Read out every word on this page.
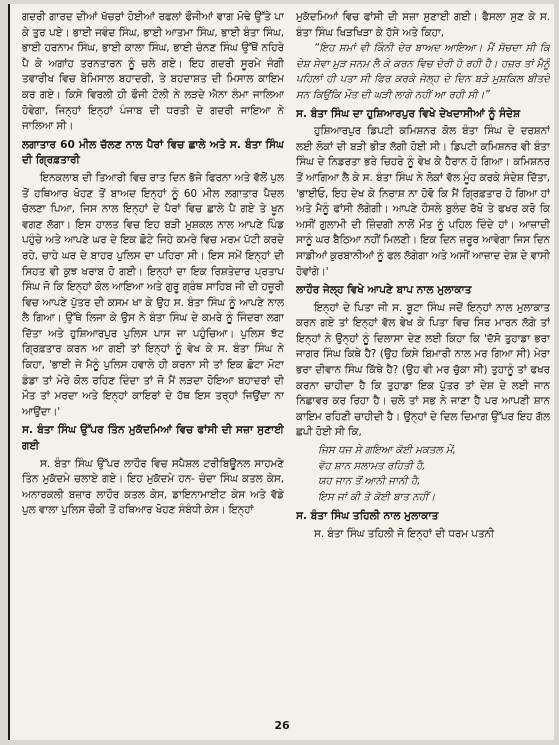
ਗਦਰੀ ਗਾਰਦ ਦੀਆਂ ਖੱਚਰਾਂ ਹੋਈਆਂ ਰਫਲਾਂ ਫੌਜੀਆਂ ਵਾਗ ਮੋਢੇ ਉੱਤੇ ਪਾ ਕੇ ਤੁਰ ਪਏ। ਭਾਈ ਜਵੰਦ ਸਿੰਘ, ਭਾਈ ਆਤਮਾ ਸਿੰਘ, ਭਾਈ ਬੰਤਾ ਸਿੰਘ, ਭਾਈ ਹਰਨਾਮ ਸਿੰਘ, ਭਾਈ ਕਾਲਾ ਸਿੰਘ, ਭਾਈ ਚੰਨਣ ਸਿੰਘ ਉੱਥੋਂ ਨਹਿਰੇ ਪੈ ਕੇ ਅਗਾਂਹ ਤਰਨਤਾਰਨ ਨੂੰ ਚਲੇ ਗਏ। ਇਹ ਗਦਰੀ ਸੂਰਮੇ ਜੰਗੀ ਤਵਾਰੀਖ ਵਿਚ ਬੇਮਿਸਾਲ ਬਹਾਦਰੀ, ਤੇ ਬਹਦਾਸ਼ਤ ਦੀ ਮਿਸਾਲ ਕਾਇਮ ਕਰ ਗਏ। ਕਿਸੇ ਵਿਰਲੀ ਹੀ ਫੌਜੀ ਟੋਲੀ ਨੇ ਲੜਦੇ ਐਨਾ ਲੰਮਾ ਜਾਲਿਆ ਹੋਵੇਗਾ, ਜਿਨ੍ਹਾਂ ਇਨ੍ਹਾਂ ਪੰਜਾਬ ਦੀ ਧਰਤੀ ਦੇ ਗਦਰੀ ਜਾਇਆ ਨੇ ਜਾਲਿਆ ਸੀ।

ਲਗਾਤਾਰ 60 ਮੀਲ ਚੱਲਣ ਨਾਲ ਪੈਰਾਂ ਵਿਚ ਛਾਲੇ ਅਤੇ ਸ. ਬੰਤਾ ਸਿੰਘ ਦੀ ਗ੍ਰਿਫ਼ਤਾਰੀ

ਇਨਕਲਾਬ ਦੀ ਤਿਆਰੀ ਵਿਚ ਰਾਤ ਦਿਨ ਭੱਜੇ ਫਿਰਨਾ ਅਤੇ ਵੱਲੋਂ ਪੁਲ ਤੋਂ ਹਥਿਆਰ ਖੋਹਣ ਤੋਂ ਬਾਅਦ ਇਨ੍ਹਾਂ ਨੂੰ 60 ਮੀਲ ਲਗਾਤਾਰ ਪੈਦਲ ਚੱਲਣਾ ਪਿਆ, ਜਿਸ ਨਾਲ ਇਨ੍ਹਾਂ ਦੇ ਪੈਰਾਂ ਵਿਚ ਛਾਲੇ ਪੈ ਗਏ ਤੇ ਖੂਨ ਵਗਣ ਲੱਗਾ। ਇਸ ਹਾਲਤ ਵਿਚ ਇਹ ਬੜੀ ਮੁਸ਼ਕਲ ਨਾਲ ਆਪਣੇ ਪਿੰਡ ਪਹੁੰਚੇ ਅਤੇ ਆਪਣੇ ਘਰ ਦੇ ਇਕ ਛੋਟੇ ਜਿਹੇ ਕਮਰੇ ਵਿਚ ਮਰਮ ਪੱਟੀ ਕਰਦੇ ਰਹੇ, ਚਾਹੇ ਘਰ ਦੇ ਬਾਹਰ ਪੁਲਿਸ ਦਾ ਪਹਿਰਾ ਸੀ। ਇਸ ਸਮੇਂ ਇਨ੍ਹਾਂ ਦੀ ਸਿਹਤ ਵੀ ਕੁਝ ਖਰਾਬ ਹੋ ਗਈ। ਇਨ੍ਹਾਂ ਦਾ ਇਕ ਰਿਸ਼ਤੇਦਾਰ ਪ੍ਰਤਾਪ ਸਿੰਘ ਜੋ ਕਿ ਇਨ੍ਹਾਂ ਕੋਲ ਆਇਆ ਅਤੇ ਗੁਰੂ ਗ੍ਰੰਥ ਸਾਹਿਬ ਜੀ ਦੀ ਹਜ਼ੂਰੀ ਵਿਚ ਆਪਣੇ ਪੁੱਤਰ ਦੀ ਕਸਮ ਖਾ ਕੇ ਉਹ ਸ. ਬੰਤਾ ਸਿੰਘ ਨੂੰ ਆਪਣੇ ਨਾਲ ਲੈ ਗਿਆ। ਉੱਥੇ ਲਿਜਾ ਕੇ ਉਸ ਨੇ ਬੰਤਾ ਸਿੰਘ ਦੇ ਕਮਰੇ ਨੂੰ ਜਿੰਦਰਾ ਲਗਾ ਦਿੱਤਾ ਅਤੇ ਹੁਸ਼ਿਆਰਪੁਰ ਪੁਲਿਸ ਪਾਸ ਜਾ ਪਹੁੰਚਿਆ। ਪੁਲਿਸ ਝੱਟ ਗ੍ਰਿਫ਼ਤਾਰ ਕਰਨ ਆ ਗਈ ਤਾਂ ਇਨ੍ਹਾਂ ਨੂੰ ਵੇਖ ਕੇ ਸ. ਬੰਤਾ ਸਿੰਘ ਨੇ ਕਿਹਾ, 'ਭਾਈ ਜੇ ਮੈਨੂੰ ਪੁਲਿਸ ਹਵਾਲੇ ਹੀ ਕਰਨਾ ਸੀ ਤਾਂ ਇਕ ਛੋਟਾ ਮੋਟਾ ਡੰਡਾ ਤਾਂ ਮੇਰੇ ਕੋਲ ਰਹਿਣ ਦਿੰਦਾ ਤਾਂ ਜੋ ਮੈਂ ਲੜਦਾ ਹੋਇਆ ਬਹਾਦਰਾਂ ਦੀ ਮੌਤ ਤਾਂ ਮਰਦਾ ਅਤੇ ਇਨ੍ਹਾਂ ਕਾਇਰਾਂ ਦੇ ਹੱਥ ਇਸ ਤਰ੍ਹਾਂ ਜਿਉਂਦਾ ਨਾ ਆਉਂਦਾ।'

ਸ. ਬੰਤਾ ਸਿੰਘ ਉੱਪਰ ਤਿੰਨ ਮੁਕੱਦਮਿਆਂ ਵਿਚ ਫਾਂਸੀ ਦੀ ਸਜ਼ਾ ਸੁਣਾਈ ਗਈ

ਸ. ਬੰਤਾ ਸਿੰਘ ਉੱਪਰ ਲਾਹੌਰ ਵਿਚ ਸਪੈਸ਼ਲ ਟਰੀਬਿਊਨਲ ਸਾਹਮਣੇ ਤਿੰਨ ਮੁਕੱਦਮੇ ਚਲਾਏ ਗਏ। ਇਹ ਮੁਕੱਦਮੇ ਹਨ- ਚੰਦਾ ਸਿੰਘ ਕਤਲ ਕੇਸ, ਅਨਾਰਕਲੀ ਬਜ਼ਾਰ ਲਾਹੌਰ ਕਤਲ ਕੇਸ, ਡਾਇਨਾਮਾਈਟ ਕੇਸ ਅਤੇ ਵੱਡੇ ਪੁਲ ਵਾਲਾ ਪੁਲਿਸ ਚੌਕੀ ਤੋਂ ਹਥਿਆਰ ਖੋਹਣ ਸੰਬੰਧੀ ਕੇਸ। ਇਨ੍ਹਾਂ

ਮੁਕੱਦਮਿਆਂ ਵਿਚ ਫਾਂਸੀ ਦੀ ਸਜ਼ਾ ਸੁਣਾਈ ਗਈ। ਫੈਸਲਾ ਸੁਣ ਕੇ ਸ. ਬੰਤਾ ਸਿੰਘ ਖਿੜਖਿੜਾ ਕੇ ਹੱਸੇ ਅਤੇ ਕਿਹਾ,

“ਇਹ ਸਮਾਂ ਵੀ ਕਿੰਨੀ ਦੇਰ ਬਾਅਦ ਆਇਆ। ਮੈਂ ਸੋਚਦਾ ਸੀ ਕਿ ਦੇਸ਼ ਸੇਵਾ ਮੁੜ ਜਨਮ ਲੈ ਕੇ ਕਰਨ ਵਿਚ ਦੇਰੀ ਹੋ ਰਹੀ ਹੈ। ਹਜ਼ਰ ਤਾਂ ਮੈਨੂੰ ਪਹਿਲਾਂ ਹੀ ਪਤਾ ਸੀ ਫਿਰ ਕਰਕੇ ਜੇਲ੍ਹ ਦੇ ਦਿਨ ਬੜੇ ਮੁਸ਼ਕਿਲ ਬੀਤਦੇ ਸਨ ਕਿਉਂਕਿ ਮੌਤ ਦੀ ਘੜੀ ਲਾਗੇ ਨਹੀਂ ਆ ਰਹੀ ਸੀ।”

ਸ. ਬੰਤਾ ਸਿੰਘ ਦਾ ਹੁਸ਼ਿਆਰਪੁਰ ਵਿਖੇ ਦੇਖਦਾਸੀਆਂ ਨੂੰ ਸੰਦੇਸ਼

ਹੁਸ਼ਿਆਰਪੁਰ ਡਿਪਟੀ ਕਮਿਸ਼ਨਰ ਕੋਲ ਬੰਤਾ ਸਿੰਘ ਦੇ ਦਰਸ਼ਨਾਂ ਲਈ ਲੋਕਾਂ ਦੀ ਬੜੀ ਭੀੜ ਲੱਗੀ ਹੋਈ ਸੀ। ਡਿਪਟੀ ਕਮਿਸ਼ਨਰ ਵੀ ਬੰਤਾ ਸਿੰਘ ਦੇ ਨਿਡਰਤਾ ਭਰੇ ਚਿਹਰੇ ਨੂੰ ਵੇਖ ਕੇ ਹੈਰਾਨ ਹੋ ਗਿਆ। ਕਮਿਸ਼ਨਰ ਤੋਂ ਆਗਿਆ ਲੈ ਕੇ ਸ. ਬੰਤਾ ਸਿੰਘ ਨੇ ਲੋਕਾਂ ਵੱਲ ਮੂੰਹ ਕਰਕੇ ਸੰਦੇਸ਼ ਦਿੱਤਾ, 'ਭਾਈਓ, ਇਹ ਦੇਖ ਕੇ ਨਿਰਾਸ਼ ਨਾ ਹੋਵੋ ਕਿ ਮੈਂ ਗ੍ਰਿਫ਼ਤਾਰ ਹੋ ਗਿਆ ਹਾਂ ਅਤੇ ਮੈਨੂੰ ਫਾਂਸੀ ਲੱਗੇਗੀ। ਆਪਣੇ ਹੌਸਲੇ ਬੁਲੰਦ ਰੱਖੋ ਤੇ ਫਖਰ ਕਰੋ ਕਿ ਅਸੀਂ ਗੁਲਾਮੀ ਦੀ ਜ਼ਿੰਦਗੀ ਨਾਲੋਂ ਮੌਤ ਨੂੰ ਪਹਿਲ ਦਿੰਦੇ ਹਾਂ। ਆਜ਼ਾਦੀ ਸਾਨੂੰ ਘਰ ਬੈਠਿਆ ਨਹੀਂ ਮਿਲਣੀ। ਇਕ ਦਿਨ ਜ਼ਰੂਰ ਆਵੇਗਾ ਜਿਸ ਦਿਨ ਸਾਡੀਆਂ ਕੁਰਬਾਨੀਆਂ ਨੂੰ ਫਲ ਲੱਗੇਗਾ ਅਤੇ ਅਸੀਂ ਆਜ਼ਾਦ ਦੇਸ਼ ਦੇ ਵਾਸੀ ਹੋਵਾਂਗੇ।'

ਲਾਹੌਰ ਜੇਲ੍ਹ ਵਿਖੇ ਆਪਣੇ ਬਾਪ ਨਾਲ ਮੁਲਾਕਾਤ

ਇਨ੍ਹਾਂ ਦੇ ਪਿਤਾ ਜੀ ਸ. ਬੂਟਾ ਸਿੰਘ ਜਦੋਂ ਇਨ੍ਹਾਂ ਨਾਲ ਮੁਲਾਕਾਤ ਕਰਨ ਗਏ ਤਾਂ ਇਨ੍ਹਾਂ ਵੱਲ ਵੇਖ ਕੇ ਪਿਤਾ ਵਿਚ ਸਿਰ ਮਾਰਨ ਲੱਗੇ ਤਾਂ ਇਨ੍ਹਾਂ ਨੇ ਉਨ੍ਹਾਂ ਨੂੰ ਦਿਲਾਸਾ ਦੇਣ ਲਈ ਕਿਹਾ ਕਿ 'ਦੱਸੋ ਤੁਹਾਡਾ ਭਰਾ ਜਾਗਰ ਸਿੰਘ ਕਿਥੇ ਹੈ? (ਉਹ ਕਿਸੇ ਬਿਮਾਰੀ ਨਾਲ ਮਰ ਗਿਆ ਸੀ) ਮੇਰਾ ਭਰਾ ਦੀਵਾਨ ਸਿੰਘ ਕਿੱਥੇ ਹੈ? (ਉਹ ਵੀ ਮਰ ਚੁੱਕਾ ਸੀ) ਤੁਹਾਨੂੰ ਤਾਂ ਫਖਰ ਕਰਨਾ ਚਾਹੀਦਾ ਹੈ ਕਿ ਤੁਹਾਡਾ ਇਕ ਪੁੱਤਰ ਤਾਂ ਦੇਸ਼ ਦੇ ਲਈ ਜਾਨ ਨਿਛਾਵਰ ਕਰ ਰਿਹਾ ਹੈ। ਚਲੋ ਤਾਂ ਸਭ ਨੇ ਜਾਣਾ ਹੈ ਪਰ ਆਪਣੀ ਸ਼ਾਨ ਕਾਇਮ ਰਹਿਣੀ ਚਾਹੀਦੀ ਹੈ। ਉਨ੍ਹਾਂ ਦੇ ਦਿਲ ਦਿਮਾਗ ਉੱਪਰ ਇਹ ਗੱਲ ਛਪੀ ਹੋਈ ਸੀ ਕਿ,

ਜਿਸ ਧਜ ਸੇ ਗਇਆ ਕੋਈ ਮਕਤਲ ਮੇਂ,
ਵੋਹ ਸ਼ਾਨ ਸਲਾਮਤ ਰਹਿਤੀ ਹੈ,
ਯਹ ਜਾਨ ਤੋਂ ਆਨੀ ਜਾਨੀ ਹੈ,
ਇਸ ਜਾਂ ਕੀ ਤੋ ਕੋਈ ਬਾਤ ਨਹੀਂ।
ਸ. ਬੰਤਾ ਸਿੰਘ ਤਹਿਲੀ ਨਾਲ ਮੁਲਾਕਾਤ

ਸ. ਬੰਤਾ ਸਿੰਘ ਤਹਿਲੀ ਜੋ ਇਨ੍ਹਾਂ ਦੀ ਧਰਮ ਪਤਨੀ

26
